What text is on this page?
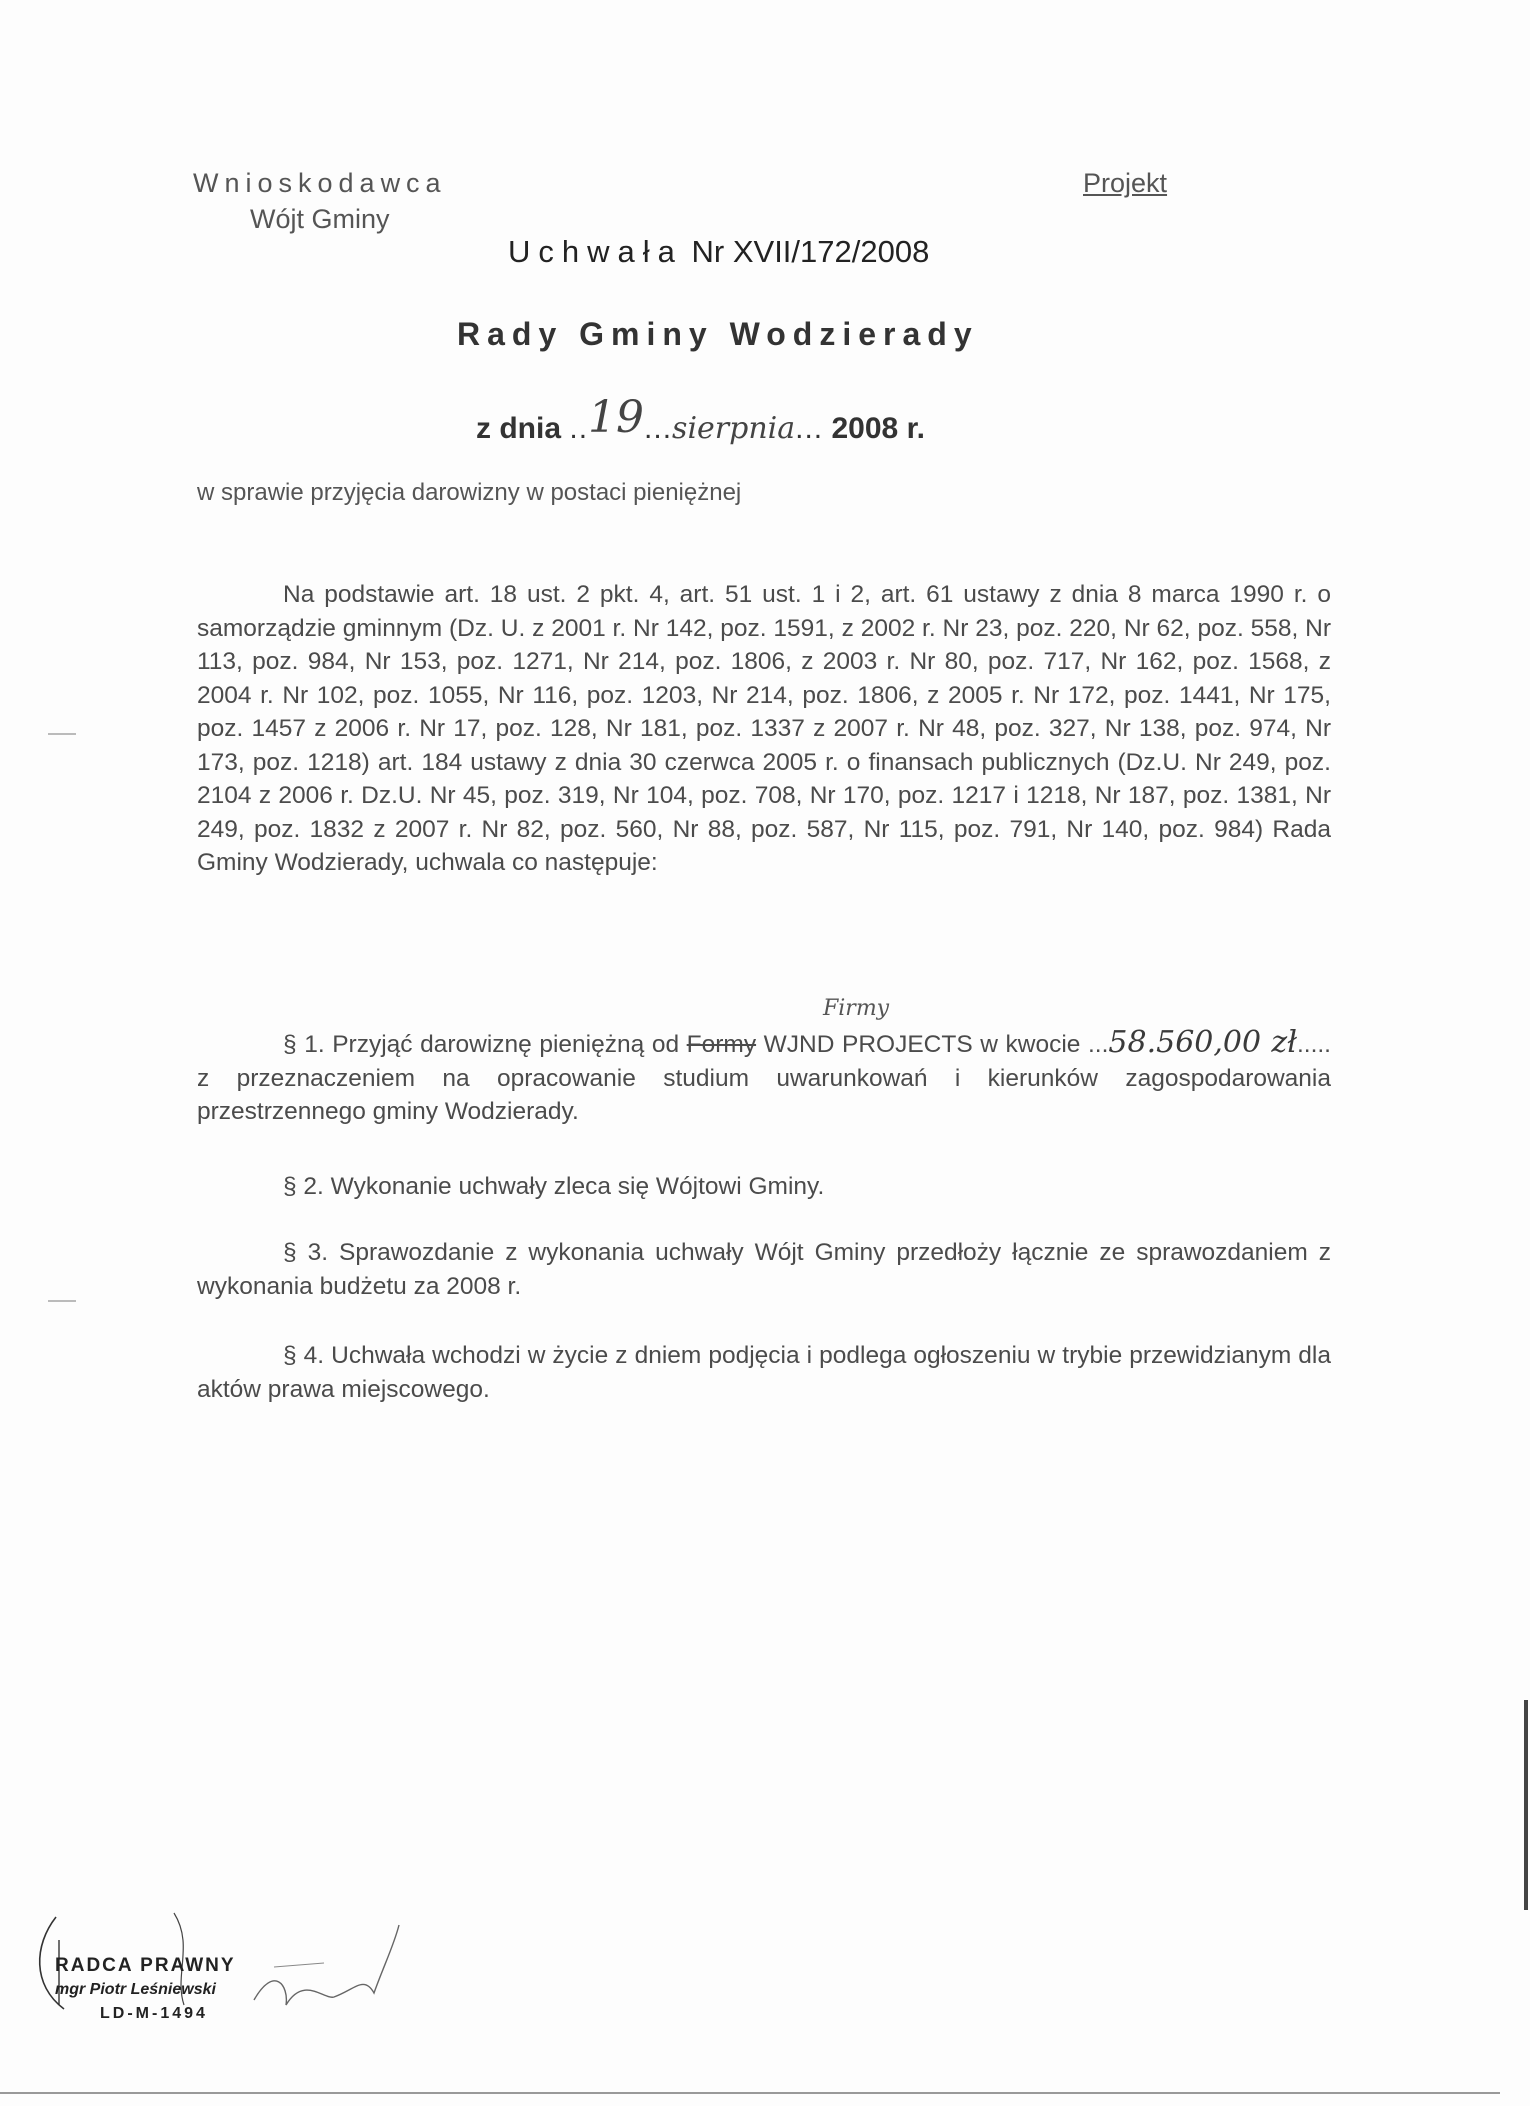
Wnioskodawca
Wójt Gminy
Projekt
Uchwała Nr XVII/172/2008
Rady Gminy Wodzierady
z dnia ..19...sierpnia... 2008 r.
w sprawie przyjęcia darowizny w postaci pieniężnej

Na podstawie art. 18 ust. 2 pkt. 4, art. 51 ust. 1 i 2, art. 61 ustawy z dnia 8 marca 1990 r. o samorządzie gminnym (Dz. U. z 2001 r. Nr 142, poz. 1591, z 2002 r. Nr 23, poz. 220, Nr 62, poz. 558, Nr 113, poz. 984, Nr 153, poz. 1271, Nr 214, poz. 1806, z 2003 r. Nr 80, poz. 717, Nr 162, poz. 1568, z 2004 r. Nr 102, poz. 1055, Nr 116, poz. 1203, Nr 214, poz. 1806, z 2005 r. Nr 172, poz. 1441, Nr 175, poz. 1457 z 2006 r. Nr 17, poz. 128, Nr 181, poz. 1337 z 2007 r. Nr 48, poz. 327, Nr 138, poz. 974, Nr 173, poz. 1218) art. 184 ustawy z dnia 30 czerwca 2005 r. o finansach publicznych (Dz.U. Nr 249, poz. 2104 z 2006 r. Dz.U. Nr 45, poz. 319, Nr 104, poz. 708, Nr 170, poz. 1217 i 1218, Nr 187, poz. 1381, Nr 249, poz. 1832 z 2007 r. Nr 82, poz. 560, Nr 88, poz. 587, Nr 115, poz. 791, Nr 140, poz. 984) Rada Gminy Wodzierady, uchwala co następuje:

Firmy

§ 1. Przyjąć darowiznę pieniężną od Formy WJND PROJECTS w kwocie ...58.560,00 zł..... z przeznaczeniem na opracowanie studium uwarunkowań i kierunków zagospodarowania przestrzennego gminy Wodzierady.

§ 2. Wykonanie uchwały zleca się Wójtowi Gminy.

§ 3. Sprawozdanie z wykonania uchwały Wójt Gminy przedłoży łącznie ze sprawozdaniem z wykonania budżetu za 2008 r.

§ 4. Uchwała wchodzi w życie z dniem podjęcia i podlega ogłoszeniu w trybie przewidzianym dla aktów prawa miejscowego.

RADCA PRAWNY
mgr Piotr Leśniewski
LD-M-1494
